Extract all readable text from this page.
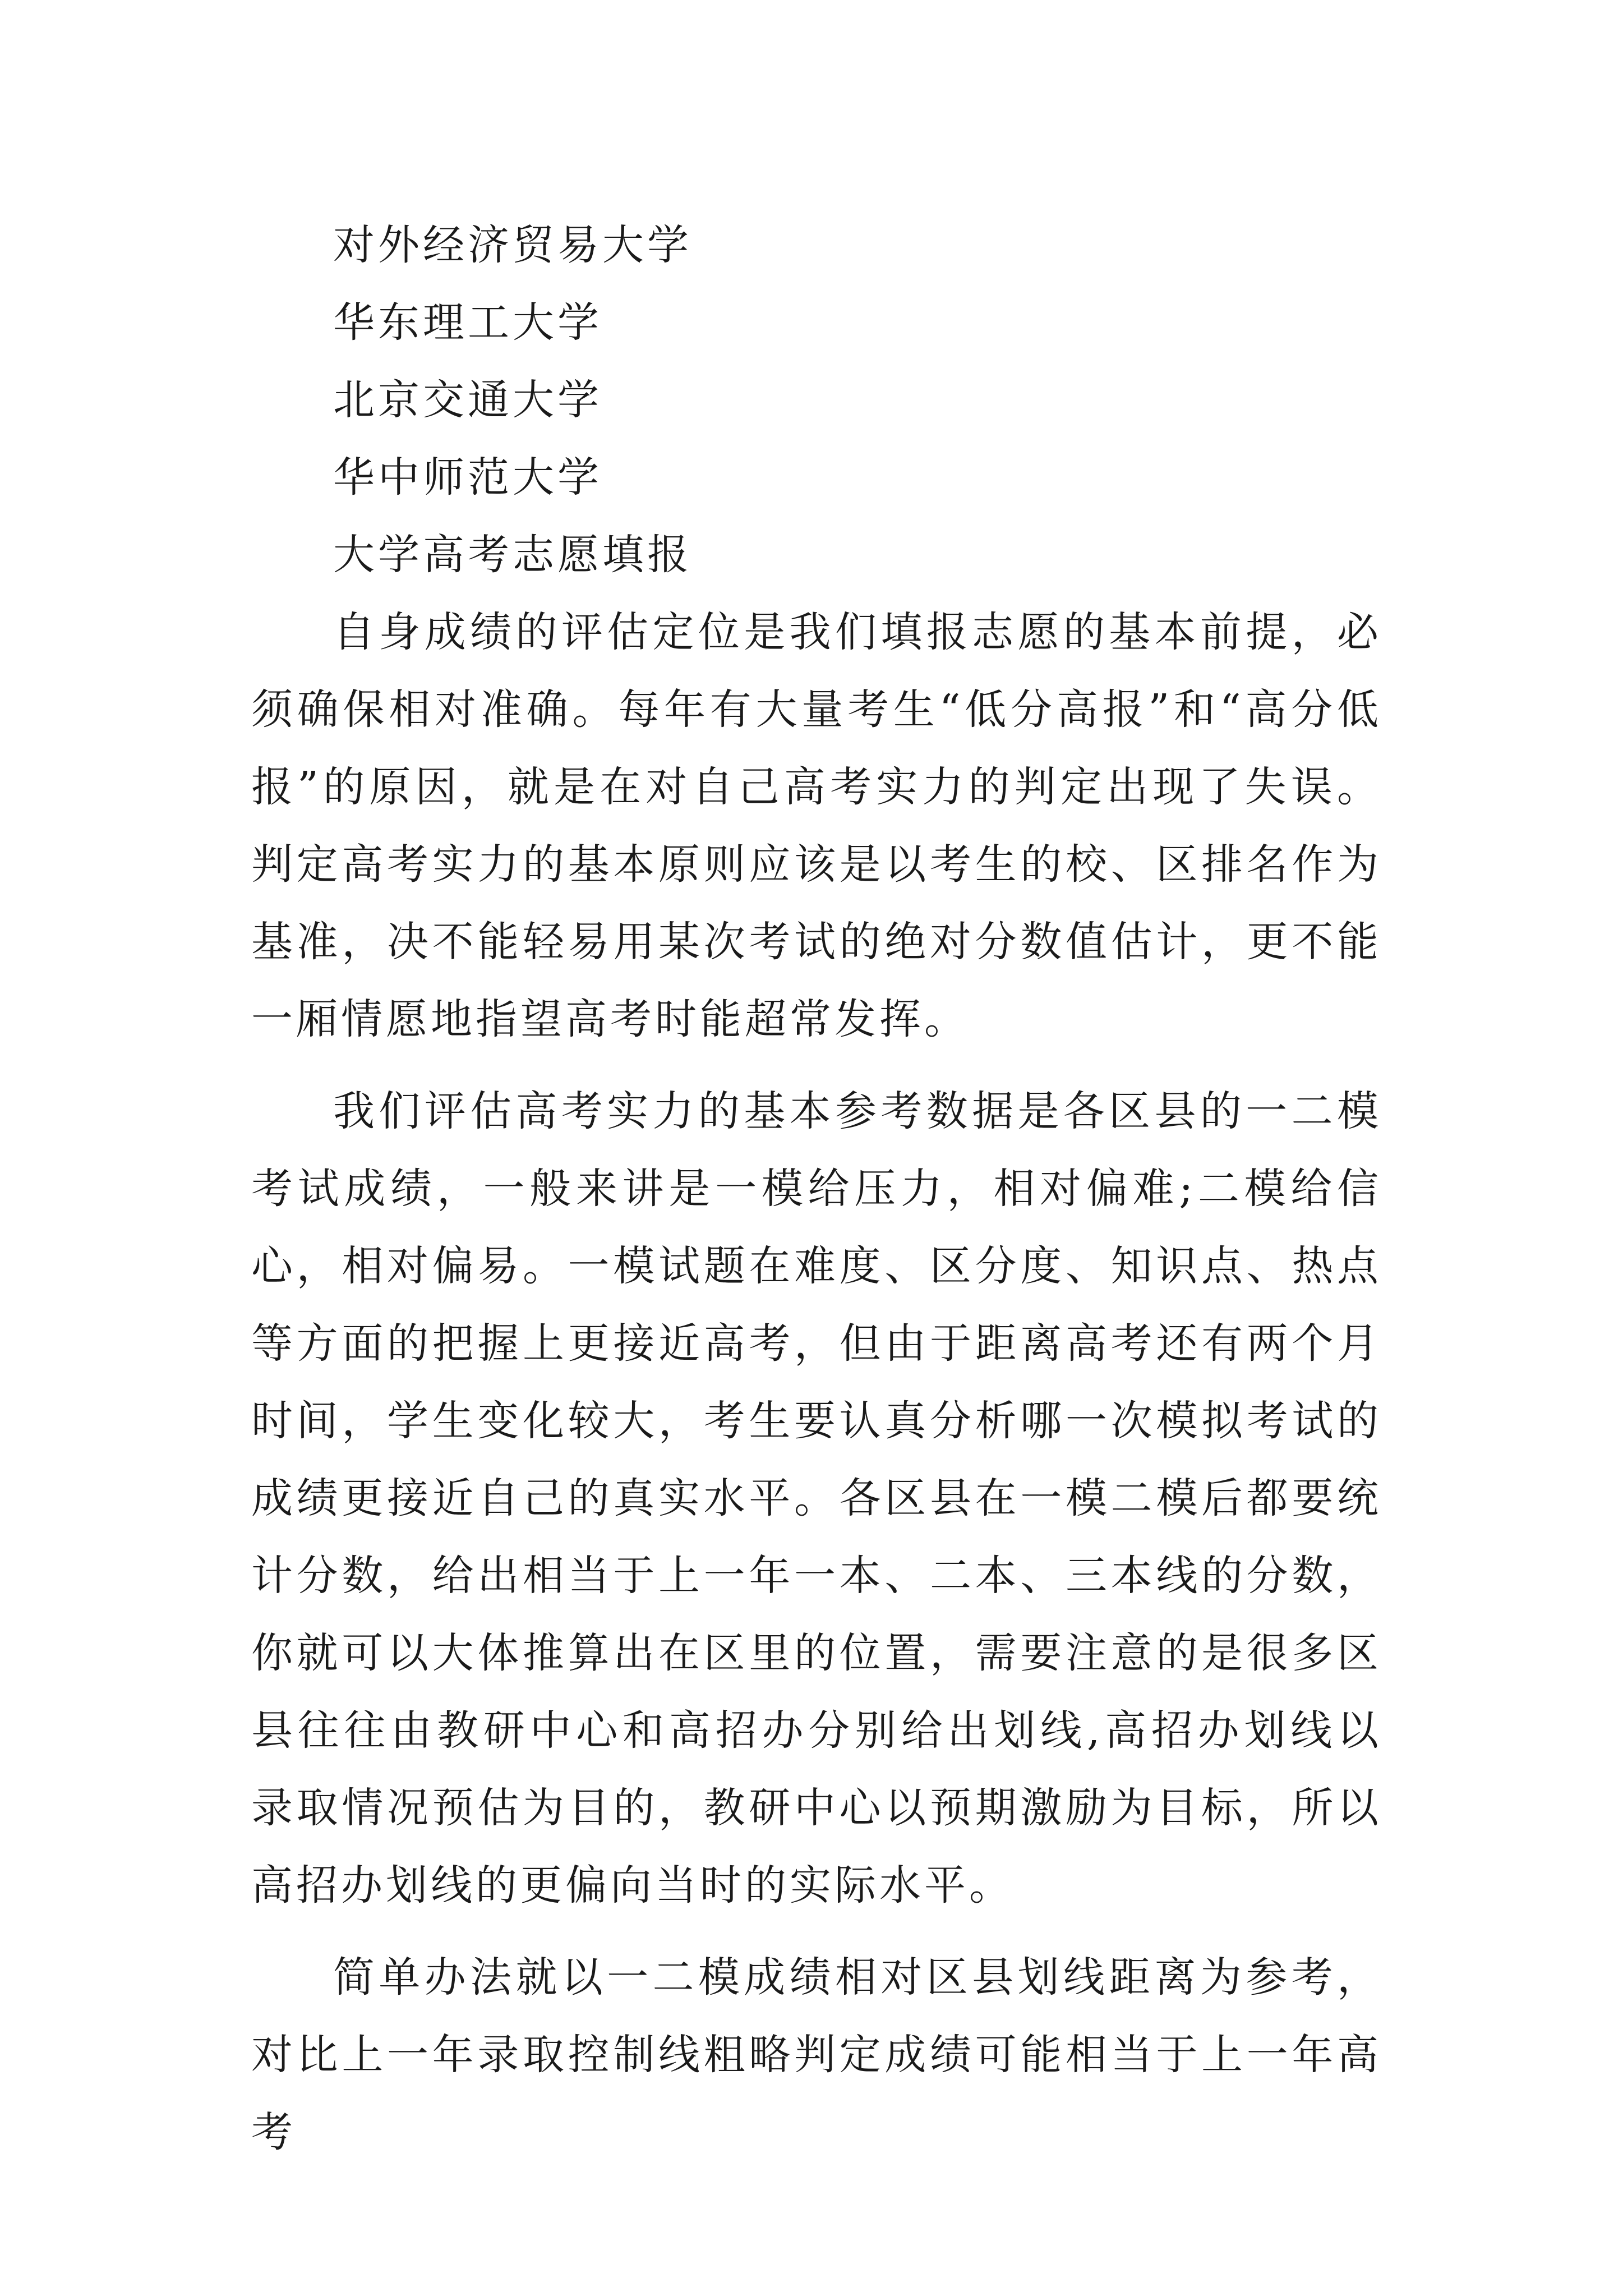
对外经济贸易大学

华东理工大学

北京交通大学

华中师范大学

大学高考志愿填报

自身成绩的评估定位是我们填报志愿的基本前提，必须确保相对准确。每年有大量考生“低分高报”和“高分低报”的原因，就是在对自己高考实力的判定出现了失误。判定高考实力的基本原则应该是以考生的校、区排名作为基准，决不能轻易用某次考试的绝对分数值估计，更不能一厢情愿地指望高考时能超常发挥。

我们评估高考实力的基本参考数据是各区县的一二模考试成绩，一般来讲是一模给压力，相对偏难;二模给信心，相对偏易。一模试题在难度、区分度、知识点、热点等方面的把握上更接近高考，但由于距离高考还有两个月时间，学生变化较大，考生要认真分析哪一次模拟考试的成绩更接近自己的真实水平。各区县在一模二模后都要统计分数，给出相当于上一年一本、二本、三本线的分数，你就可以大体推算出在区里的位置，需要注意的是很多区县往往由教研中心和高招办分别给出划线,高招办划线以录取情况预估为目的，教研中心以预期激励为目标，所以高招办划线的更偏向当时的实际水平。

简单办法就以一二模成绩相对区县划线距离为参考，对比上一年录取控制线粗略判定成绩可能相当于上一年高考
